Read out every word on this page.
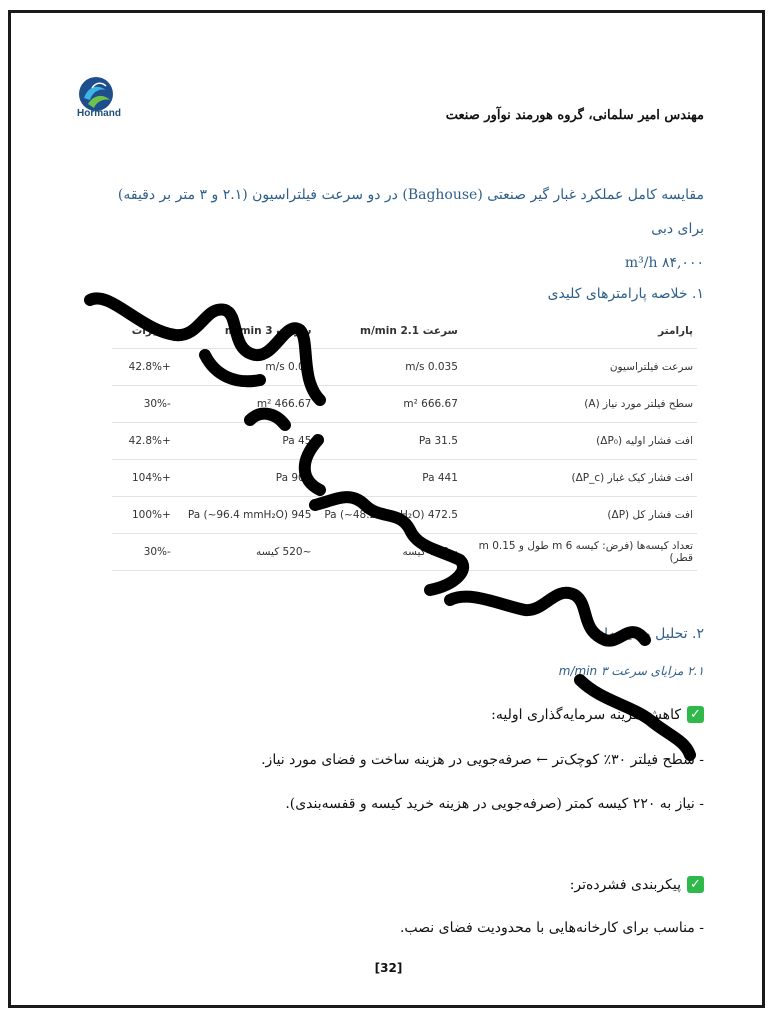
Hormand	مهندس امیر سلمانی، گروه هورمند نوآور صنعت
مقایسه کامل عملکرد غبار گیر صنعتی (Baghouse) در دو سرعت فیلتراسیون (۲.۱ و ۳ متر بر دقیقه) برای دبی
m³/h ۸۴,۰۰۰
۱. خلاصه پارامترهای کلیدی
پارامتر	سرعت 2.1 m/min	سرعت 3 m/min	تغییرات
سرعت فیلتراسیون	0.035 m/s	0.05 m/s	+42.8%
سطح فیلتر مورد نیاز (A)	666.67 m²	466.67 m²	-30%
افت فشار اولیه (ΔP₀)	31.5 Pa	45 Pa	+42.8%
افت فشار کیک غبار (ΔP_c)	441 Pa	900 Pa	+104%
افت فشار کل (ΔP)	472.5 Pa (~48.2 mmH₂O)	945 Pa (~96.4 mmH₂O)	+100%
تعداد کیسه‌ها (فرض: کیسه 6 m طول و 0.15 m قطر)	~740 کیسه	~520 کیسه	-30%
۲. تحلیل مقایسه‌ای
۲.۱ مزایای سرعت ۳ m/min
✓
کاهش هزینه سرمایه‌گذاری اولیه:
- سطح فیلتر ۳۰٪ کوچک‌تر ← صرفه‌جویی در هزینه ساخت و فضای مورد نیاز.
- نیاز به ۲۲۰ کیسه کمتر (صرفه‌جویی در هزینه خرید کیسه و قفسه‌بندی).
✓
پیکربندی فشرده‌تر:
- مناسب برای کارخانه‌هایی با محدودیت فضای نصب.
[32]
